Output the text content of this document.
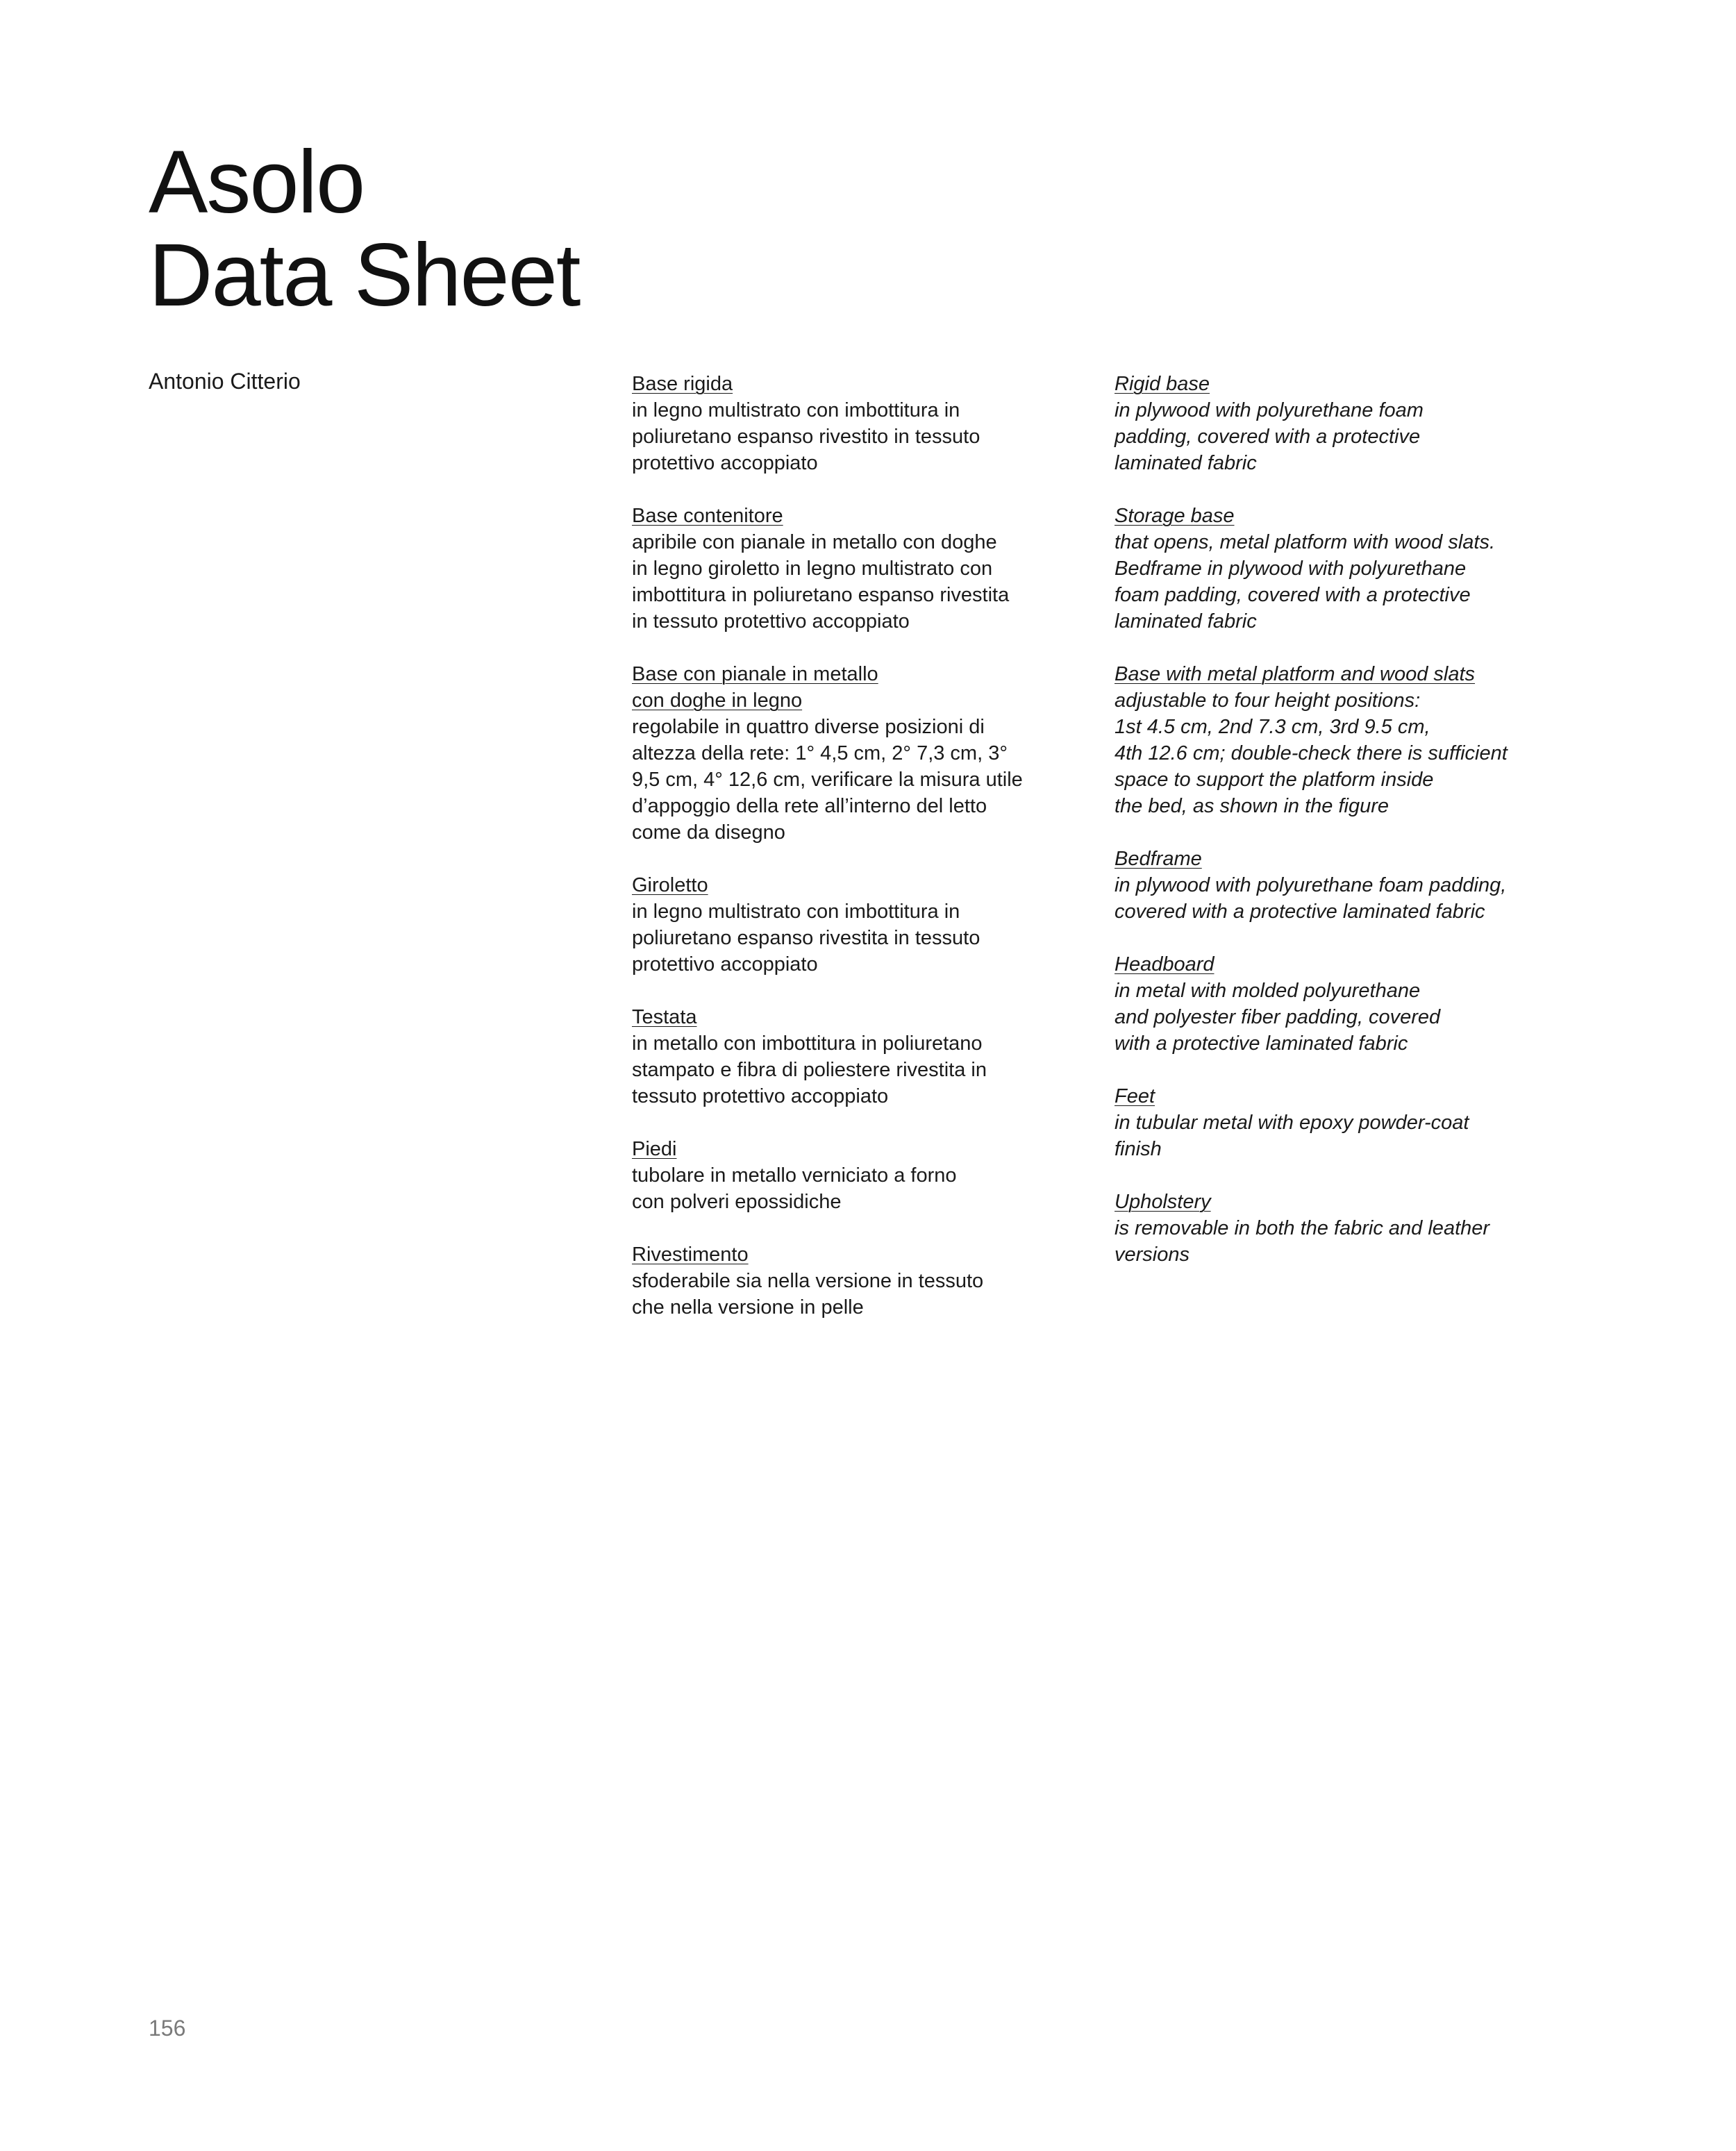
Asolo
Data Sheet
Antonio Citterio	Base rigida
in legno multistrato con imbottitura in
poliuretano espanso rivestito in tessuto
protettivo accoppiato
Base contenitore
apribile con pianale in metallo con doghe
in legno giroletto in legno multistrato con
imbottitura in poliuretano espanso rivestita
in tessuto protettivo accoppiato
Base con pianale in metallo
con doghe in legno
regolabile in quattro diverse posizioni di
altezza della rete: 1° 4,5 cm, 2° 7,3 cm, 3°
9,5 cm, 4° 12,6 cm, verificare la misura utile
d’appoggio della rete all’interno del letto
come da disegno
Giroletto
in legno multistrato con imbottitura in
poliuretano espanso rivestita in tessuto
protettivo accoppiato
Testata
in metallo con imbottitura in poliuretano
stampato e fibra di poliestere rivestita in
tessuto protettivo accoppiato
Piedi
tubolare in metallo verniciato a forno
con polveri epossidiche
Rivestimento
sfoderabile sia nella versione in tessuto
che nella versione in pelle
Rigid base
in plywood with polyurethane foam
padding, covered with a protective
laminated fabric
Storage base
that opens, metal platform with wood slats.
Bedframe in plywood with polyurethane
foam padding, covered with a protective
laminated fabric
Base with metal platform and wood slats
adjustable to four height positions:
1st 4.5 cm, 2nd 7.3 cm, 3rd 9.5 cm,
4th 12.6 cm; double-check there is sufficient
space to support the platform inside
the bed, as shown in the figure
Bedframe
in plywood with polyurethane foam padding,
covered with a protective laminated fabric
Headboard
in metal with molded polyurethane
and polyester fiber padding, covered
with a protective laminated fabric
Feet
in tubular metal with epoxy powder-coat
finish
Upholstery
is removable in both the fabric and leather
versions
156
